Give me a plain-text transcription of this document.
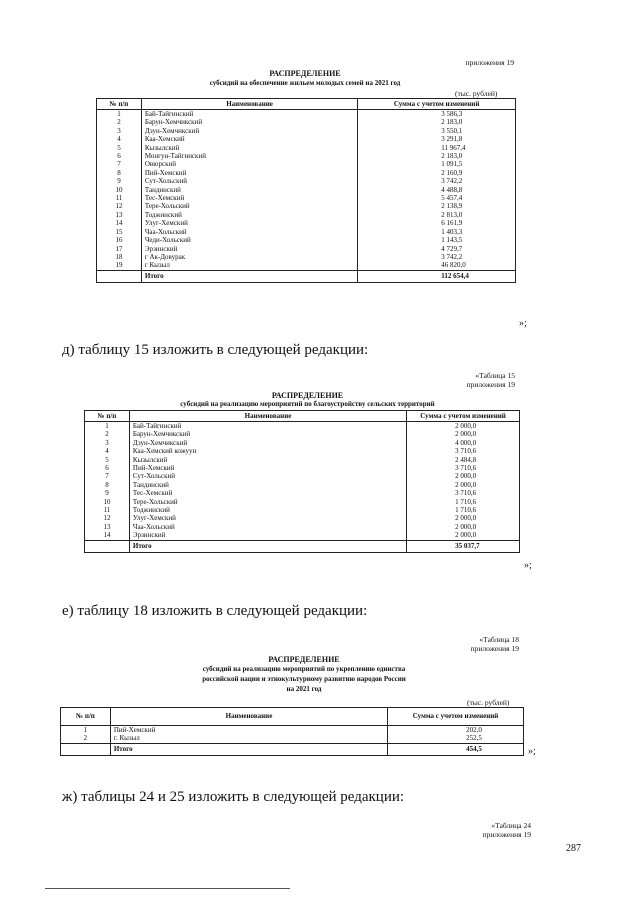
приложения 19
РАСПРЕДЕЛЕНИЕ
субсидий на обеспечение жильем молодых семей на 2021 год
(тыс. рублей)
№ п/п	Наименование	Сумма с учетом изменений
1	Бай-Тайгинский	3 586,3
2	Барун-Хемчикский	2 183,0
3	Дзун-Хемчикский	3 550,1
4	Каа-Хемский	3 291,8
5	Кызылский	11 967,4
6	Монгун-Тайгинский	2 183,0
7	Овюрский	1 091,5
8	Пий-Хемский	2 160,9
9	Сут-Хольский	3 742,2
10	Тандинский	4 488,8
11	Тес-Хемский	5 457,4
12	Тере-Хольский	2 138,9
13	Тоджинский	2 813,0
14	Улуг-Хемский	6 161,9
15	Чаа-Хольский	1 403,3
16	Чеди-Хольский	1 143,5
17	Эрзинский	4 729,7
18	г Ак-Довурак	3 742,2
19	г Кызыл	46 820,0
	Итого	112 654,4
»;
д) таблицу 15 изложить в следующей редакции:
«Таблица 15
приложения 19
РАСПРЕДЕЛЕНИЕ
субсидий на реализацию мероприятий по благоустройству сельских территорий
№ п/п	Наименование	Сумма с учетом изменений
1	Бай-Тайгинский	2 000,0
2	Барун-Хемчикский	2 000,0
3	Дзун-Хемчикский	4 000,0
4	Каа-Хемский кожуун	3 710,6
5	Кызылский	2 484,8
6	Пий-Хемский	3 710,6
7	Сут-Хольский	2 000,0
8	Тандинский	2 000,0
9	Тес-Хемский	3 710,6
10	Тере-Хольский	1 710,6
11	Тоджинский	1 710,6
12	Улуг-Хемский	2 000,0
13	Чаа-Хольский	2 000,0
14	Эрзинский	2 000,0
	Итого	35 037,7
»;
е) таблицу 18 изложить в следующей редакции:
«Таблица 18
приложения 19
РАСПРЕДЕЛЕНИЕ
субсидий на реализацию мероприятий по укреплению единства
российской нации и этнокультурному развитию народов России
на 2021 год
(тыс. рублей)
№ п/п	Наименование	Сумма с учетом изменений
1	Пий-Хемский	202,0
2	г. Кызыл	252,5
	Итого	454,5	»;
ж) таблицы 24 и 25 изложить в следующей редакции:
«Таблица 24
приложения 19
287
